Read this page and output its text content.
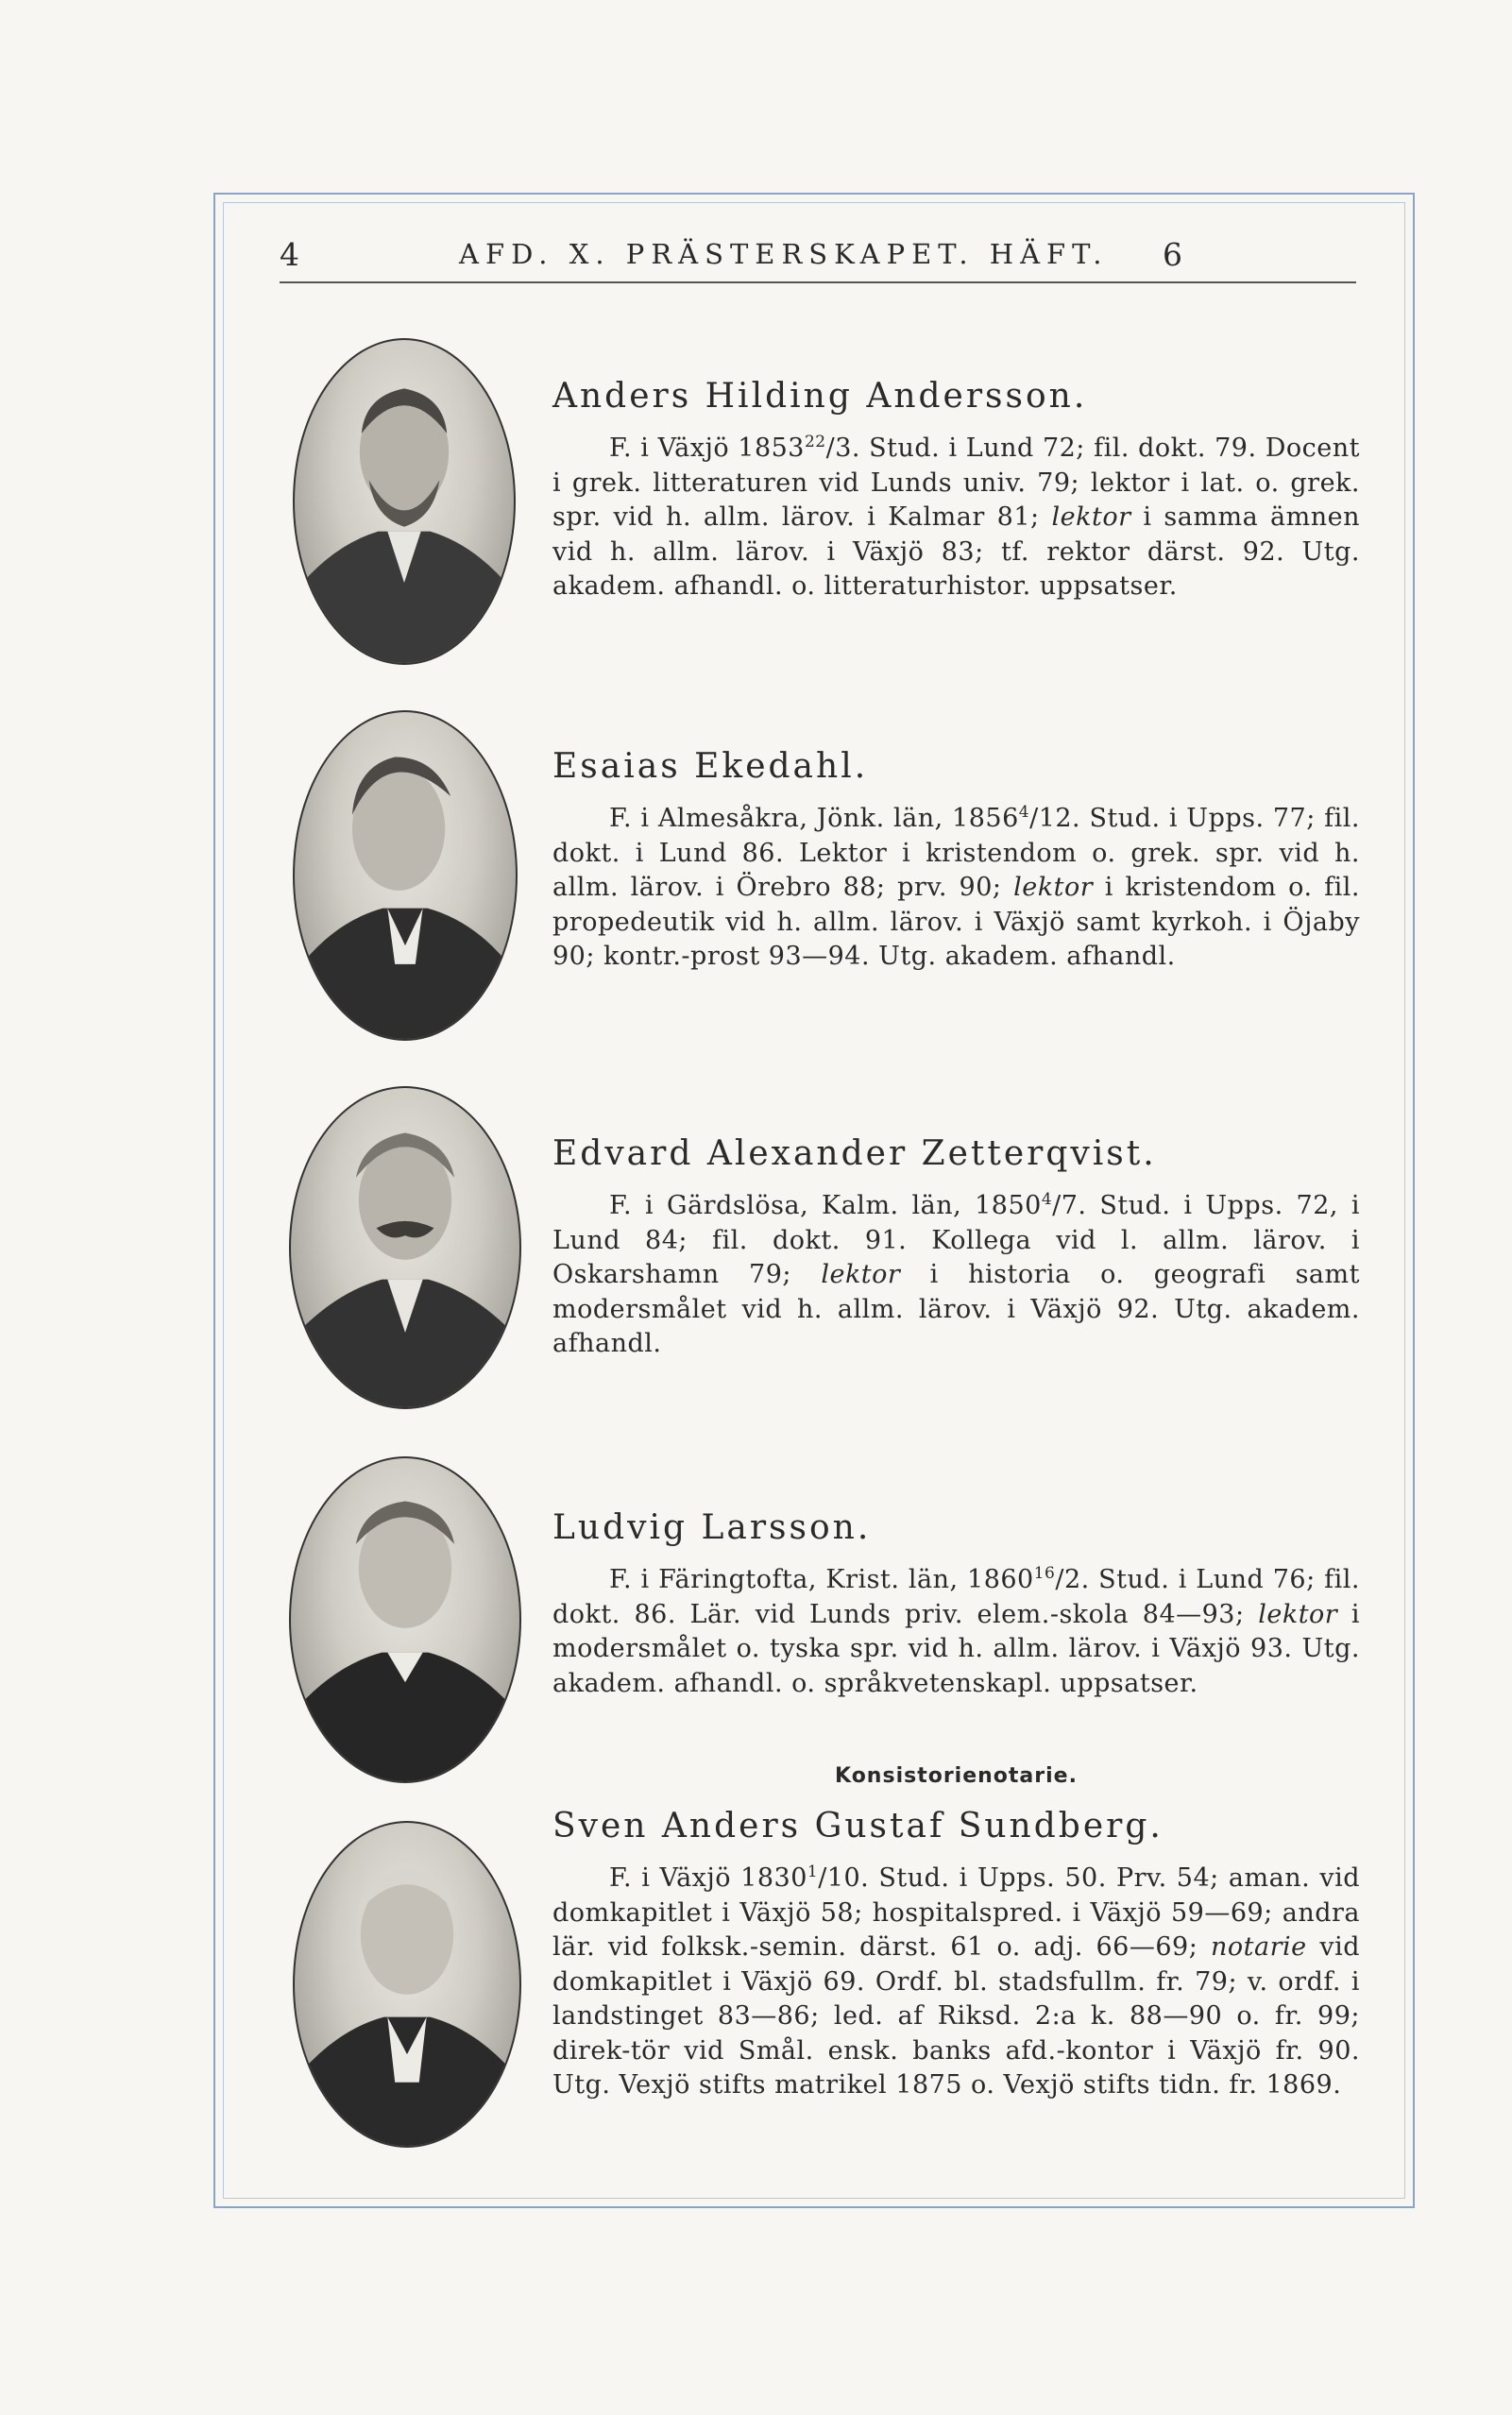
4	AFD. X. PRÄSTERSKAPET. HÄFT. 6
Anders Hilding Andersson.

F. i Växjö 1853$^{22}$/3. Stud. i Lund 72; fil. dokt. 79. Docent i grek. litteraturen vid Lunds univ. 79; lektor i lat. o. grek. spr. vid h. allm. lärov. i Kalmar 81; lektor i samma ämnen vid h. allm. lärov. i Växjö 83; tf. rektor därst. 92. Utg. akadem. afhandl. o. litteraturhistor. uppsatser.

Esaias Ekedahl.

F. i Almesåkra, Jönk. län, 1856$^4$/12. Stud. i Upps. 77; fil. dokt. i Lund 86. Lektor i kristendom o. grek. spr. vid h. allm. lärov. i Örebro 88; prv. 90; lektor i kristendom o. fil. propedeutik vid h. allm. lärov. i Växjö samt kyrkoh. i Öjaby 90; kontr.-prost 93—94. Utg. akadem. afhandl.

Edvard Alexander Zetterqvist.

F. i Gärdslösa, Kalm. län, 1850$^4$/7. Stud. i Upps. 72, i Lund 84; fil. dokt. 91. Kollega vid l. allm. lärov. i Oskarshamn 79; lektor i historia o. geografi samt modersmålet vid h. allm. lärov. i Växjö 92. Utg. akadem. afhandl.

Ludvig Larsson.

F. i Färingtofta, Krist. län, 1860$^{16}$/2. Stud. i Lund 76; fil. dokt. 86. Lär. vid Lunds priv. elem.-skola 84—93; lektor i modersmålet o. tyska spr. vid h. allm. lärov. i Växjö 93. Utg. akadem. afhandl. o. språkvetenskapl. uppsatser.

Konsistorienotarie.
Sven Anders Gustaf Sundberg.

F. i Växjö 1830$^1$/10. Stud. i Upps. 50. Prv. 54; aman. vid domkapitlet i Växjö 58; hospitalspred. i Växjö 59—69; andra lär. vid folksk.-semin. därst. 61 o. adj. 66—69; notarie vid domkapitlet i Växjö 69. Ordf. bl. stadsfullm. fr. 79; v. ordf. i landstinget 83—86; led. af Riksd. 2:a k. 88—90 o. fr. 99; direk-tör vid Smål. ensk. banks afd.-kontor i Växjö fr. 90. Utg. Vexjö stifts matrikel 1875 o. Vexjö stifts tidn. fr. 1869.
